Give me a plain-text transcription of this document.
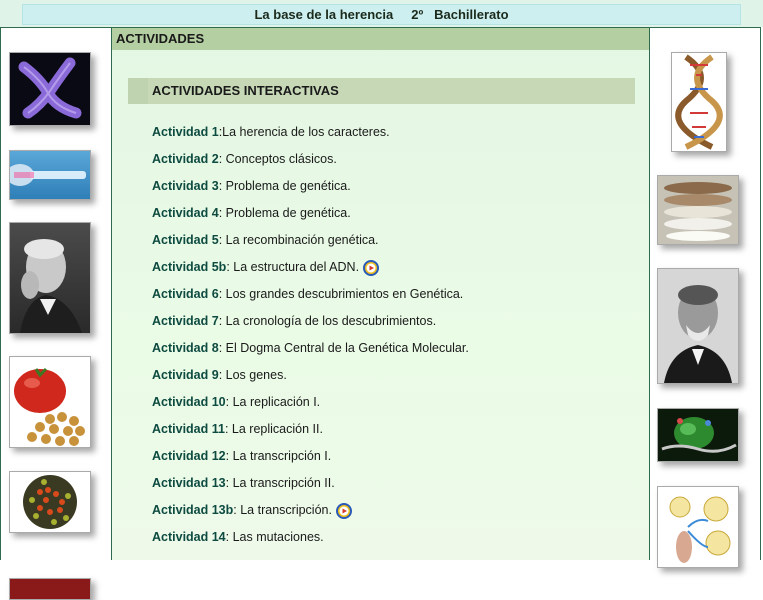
La base de la herencia 2º Bachillerato
ACTIVIDADES
ACTIVIDADES INTERACTIVAS
Actividad 1:La herencia de los caracteres.
Actividad 2: Conceptos clásicos.
Actividad 3: Problema de genética.
Actividad 4: Problema de genética.
Actividad 5: La recombinación genética.
Actividad 5b: La estructura del ADN.
Actividad 6: Los grandes descubrimientos en Genética.
Actividad 7: La cronología de los descubrimientos.
Actividad 8: El Dogma Central de la Genética Molecular.
Actividad 9: Los genes.
Actividad 10: La replicación I.
Actividad 11: La replicación II.
Actividad 12: La transcripción I.
Actividad 13: La transcripción II.
Actividad 13b: La transcripción.
Actividad 14: Las mutaciones.
